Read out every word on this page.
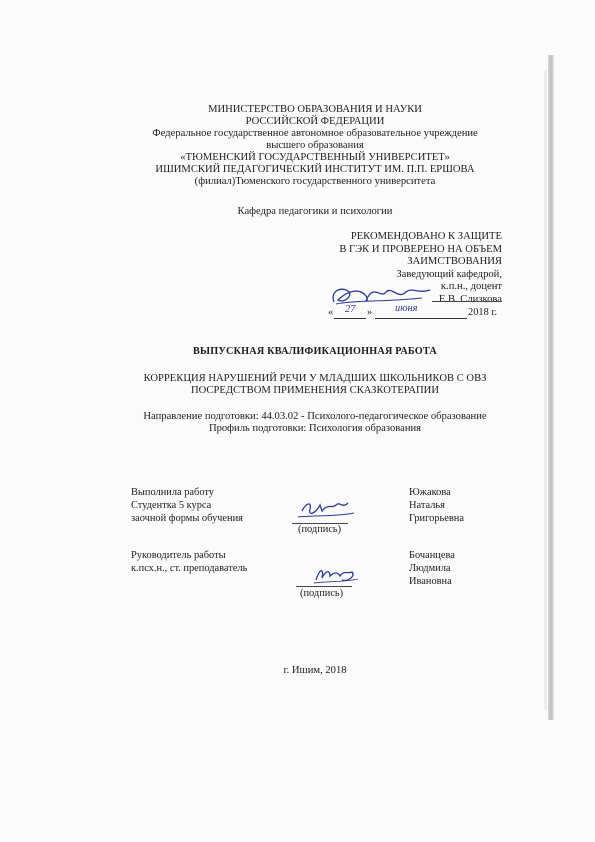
МИНИСТЕРСТВО ОБРАЗОВАНИЯ И НАУКИ
РОССИЙСКОЙ ФЕДЕРАЦИИ
Федеральное государственное автономное образовательное учреждение
высшего образования
«ТЮМЕНСКИЙ ГОСУДАРСТВЕННЫЙ УНИВЕРСИТЕТ»
ИШИМСКИЙ ПЕДАГОГИЧЕСКИЙ ИНСТИТУТ ИМ. П.П. ЕРШОВА
(филиал)Тюменского государственного университета
Кафедра педагогики и психологии
РЕКОМЕНДОВАНО К ЗАЩИТЕ
В ГЭК И ПРОВЕРЕНО НА ОБЪЕМ
ЗАИМСТВОВАНИЯ
Заведующий кафедрой,
к.п.н., доцент
Е.В. Слизкова
« 27 » июня	2018 г.
ВЫПУСКНАЯ КВАЛИФИКАЦИОННАЯ РАБОТА
КОРРЕКЦИЯ НАРУШЕНИЙ РЕЧИ У МЛАДШИХ ШКОЛЬНИКОВ С ОВЗ
ПОСРЕДСТВОМ ПРИМЕНЕНИЯ СКАЗКОТЕРАПИИ
Направление подготовки: 44.03.02 - Психолого-педагогическое образование
Профиль подготовки: Психология образования
Выполнила работу
Студентка 5 курса
заочной формы обучения
(подпись)
Южакова
Наталья
Григорьевна
Руководитель работы
к.псх.н., ст. преподаватель
(подпись)
Бочанцева
Людмила
Ивановна
г. Ишим, 2018
